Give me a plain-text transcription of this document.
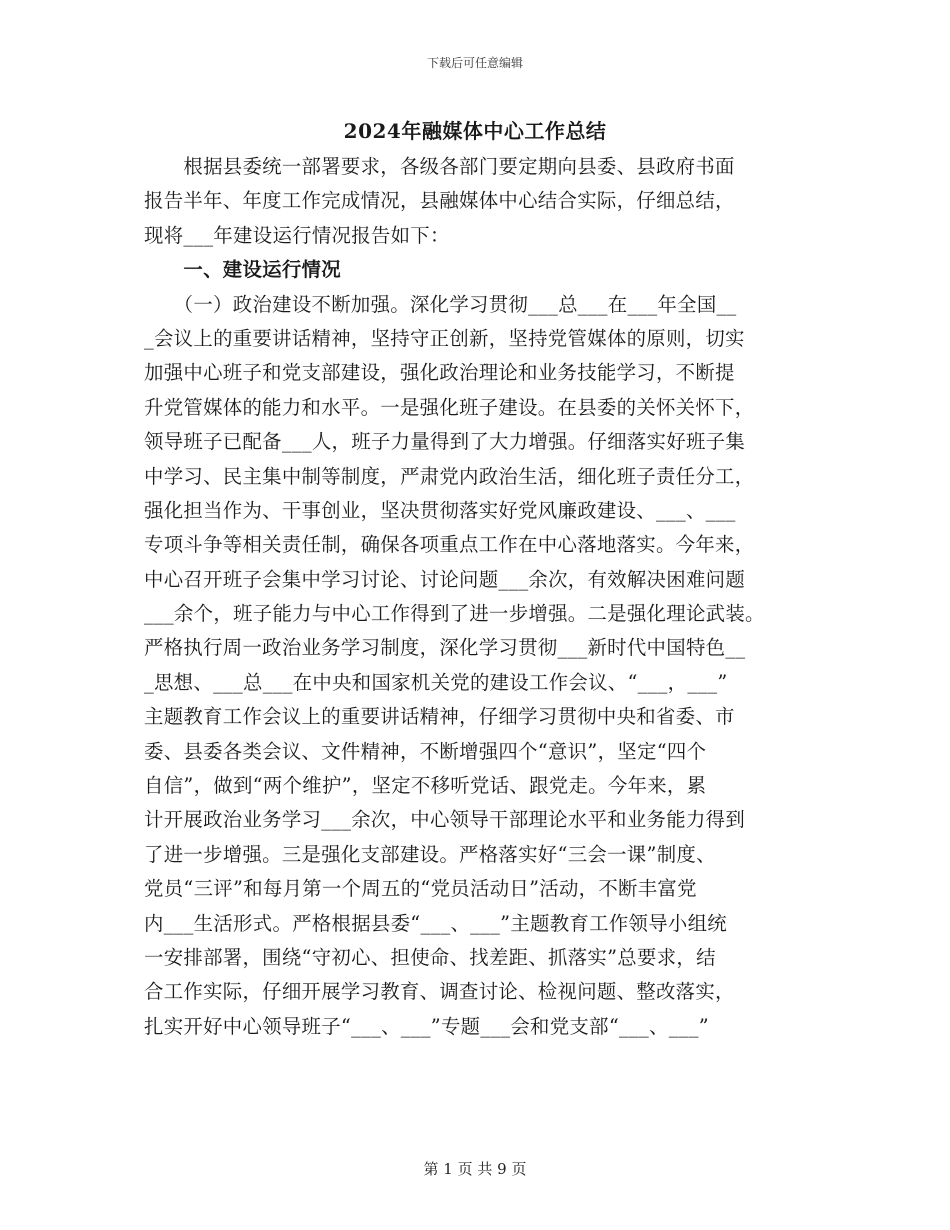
下载后可任意编辑
2024年融媒体中心工作总结
　　根据县委统一部署要求，各级各部门要定期向县委、县政府书面
报告半年、年度工作完成情况，县融媒体中心结合实际，仔细总结，
现将___年建设运行情况报告如下：
　　一、建设运行情况
　　（一）政治建设不断加强。深化学习贯彻___总___在___年全国__
_会议上的重要讲话精神，坚持守正创新，坚持党管媒体的原则，切实
加强中心班子和党支部建设，强化政治理论和业务技能学习，不断提
升党管媒体的能力和水平。一是强化班子建设。在县委的关怀关怀下，
领导班子已配备___人，班子力量得到了大力增强。仔细落实好班子集
中学习、民主集中制等制度，严肃党内政治生活，细化班子责任分工，
强化担当作为、干事创业，坚决贯彻落实好党风廉政建设、___、___
专项斗争等相关责任制，确保各项重点工作在中心落地落实。今年来，
中心召开班子会集中学习讨论、讨论问题___余次，有效解决困难问题
___余个，班子能力与中心工作得到了进一步增强。二是强化理论武装。
严格执行周一政治业务学习制度，深化学习贯彻___新时代中国特色__
_思想、___总___在中央和国家机关党的建设工作会议、“___，___”
主题教育工作会议上的重要讲话精神，仔细学习贯彻中央和省委、市
委、县委各类会议、文件精神，不断增强四个“意识”，坚定“四个
自信”，做到“两个维护”，坚定不移听党话、跟党走。今年来，累
计开展政治业务学习___余次，中心领导干部理论水平和业务能力得到
了进一步增强。三是强化支部建设。严格落实好“三会一课”制度、
党员“三评”和每月第一个周五的“党员活动日”活动，不断丰富党
内___生活形式。严格根据县委“___、___”主题教育工作领导小组统
一安排部署，围绕“守初心、担使命、找差距、抓落实”总要求，结
合工作实际，仔细开展学习教育、调查讨论、检视问题、整改落实，
扎实开好中心领导班子“___、___”专题___会和党支部“___、___”
第 1 页 共 9 页
